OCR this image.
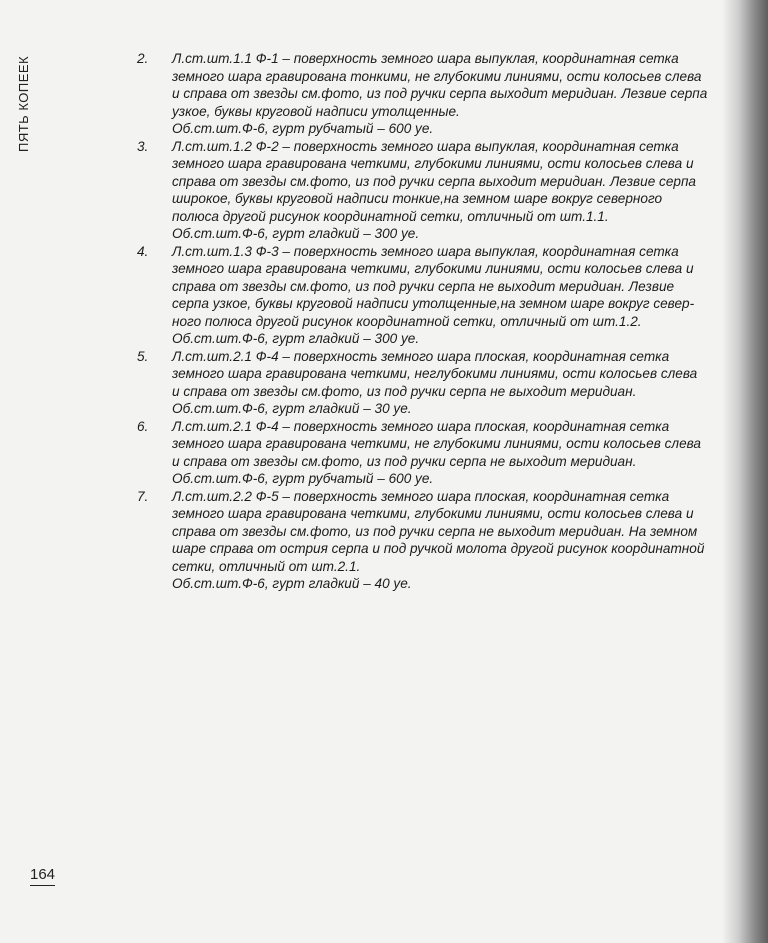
ПЯТЬ КОПЕЕК	2. Л.ст.шт.1.1 Ф-1 – поверхность земного шара выпуклая, координатная сетка
земного шара гравирована тонкими, не глубокими линиями, ости колосьев слева
и справа от звезды см.фото, из под ручки серпа выходит меридиан. Лезвие серпа
узкое, буквы круговой надписи утолщенные.
Об.ст.шт.Ф-6, гурт рубчатый – 600 уе.
3. Л.ст.шт.1.2 Ф-2 – поверхность земного шара выпуклая, координатная сетка
земного шара гравирована четкими, глубокими линиями, ости колосьев слева и
справа от звезды см.фото, из под ручки серпа выходит меридиан. Лезвие серпа
широкое, буквы круговой надписи тонкие,на земном шаре вокруг северного
полюса другой рисунок координатной сетки, отличный от шт.1.1.
Об.ст.шт.Ф-6, гурт гладкий – 300 уе.
4. Л.ст.шт.1.3 Ф-3 – поверхность земного шара выпуклая, координатная сетка
земного шара гравирована четкими, глубокими линиями, ости колосьев слева и
справа от звезды см.фото, из под ручки серпа не выходит меридиан. Лезвие
серпа узкое, буквы круговой надписи утолщенные,на земном шаре вокруг север-
ного полюса другой рисунок координатной сетки, отличный от шт.1.2.
Об.ст.шт.Ф-6, гурт гладкий – 300 уе.
5. Л.ст.шт.2.1 Ф-4 – поверхность земного шара плоская, координатная сетка
земного шара гравирована четкими, неглубокими линиями, ости колосьев слева
и справа от звезды см.фото, из под ручки серпа не выходит меридиан.
Об.ст.шт.Ф-6, гурт гладкий – 30 уе.
6. Л.ст.шт.2.1 Ф-4 – поверхность земного шара плоская, координатная сетка
земного шара гравирована четкими, не глубокими линиями, ости колосьев слева
и справа от звезды см.фото, из под ручки серпа не выходит меридиан.
Об.ст.шт.Ф-6, гурт рубчатый – 600 уе.
7. Л.ст.шт.2.2 Ф-5 – поверхность земного шара плоская, координатная сетка
земного шара гравирована четкими, глубокими линиями, ости колосьев слева и
справа от звезды см.фото, из под ручки серпа не выходит меридиан. На земном
шаре справа от острия серпа и под ручкой молота другой рисунок координатной
сетки, отличный от шт.2.1.
Об.ст.шт.Ф-6, гурт гладкий – 40 уе.
164
